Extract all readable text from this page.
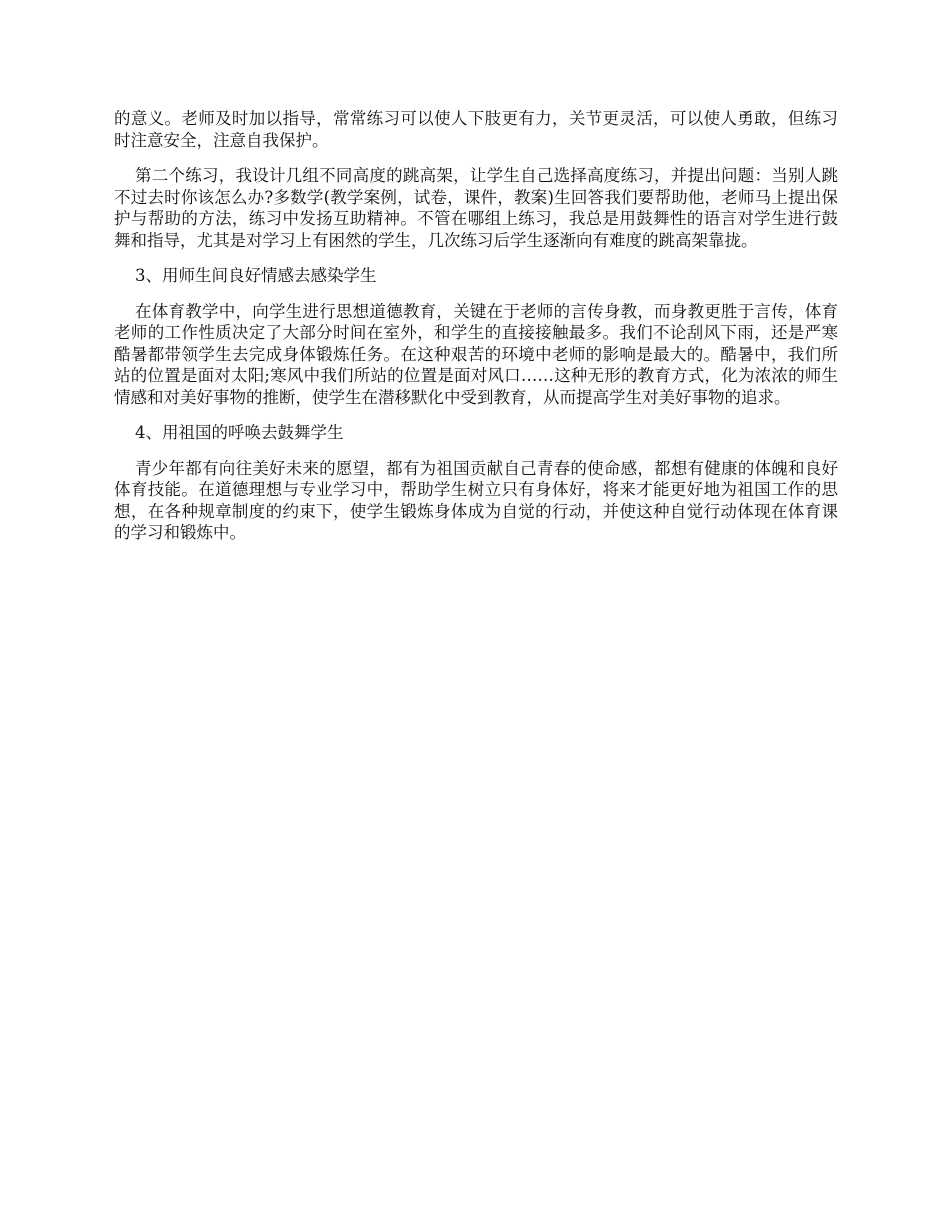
的意义。老师及时加以指导，常常练习可以使人下肢更有力，关节更灵活，可以使人勇敢，但练习时注意安全，注意自我保护。

第二个练习，我设计几组不同高度的跳高架，让学生自己选择高度练习，并提出问题：当别人跳不过去时你该怎么办?多数学(教学案例，试卷，课件，教案)生回答我们要帮助他，老师马上提出保护与帮助的方法，练习中发扬互助精神。不管在哪组上练习，我总是用鼓舞性的语言对学生进行鼓舞和指导，尤其是对学习上有困然的学生，几次练习后学生逐渐向有难度的跳高架靠拢。

3、用师生间良好情感去感染学生

在体育教学中，向学生进行思想道德教育，关键在于老师的言传身教，而身教更胜于言传，体育老师的工作性质决定了大部分时间在室外，和学生的直接接触最多。我们不论刮风下雨，还是严寒酷暑都带领学生去完成身体锻炼任务。在这种艰苦的环境中老师的影响是最大的。酷暑中，我们所站的位置是面对太阳;寒风中我们所站的位置是面对风口……这种无形的教育方式，化为浓浓的师生情感和对美好事物的推断，使学生在潜移默化中受到教育，从而提高学生对美好事物的追求。

4、用祖国的呼唤去鼓舞学生

青少年都有向往美好未来的愿望，都有为祖国贡献自己青春的使命感，都想有健康的体魄和良好体育技能。在道德理想与专业学习中，帮助学生树立只有身体好，将来才能更好地为祖国工作的思想，在各种规章制度的约束下，使学生锻炼身体成为自觉的行动，并使这种自觉行动体现在体育课的学习和锻炼中。
